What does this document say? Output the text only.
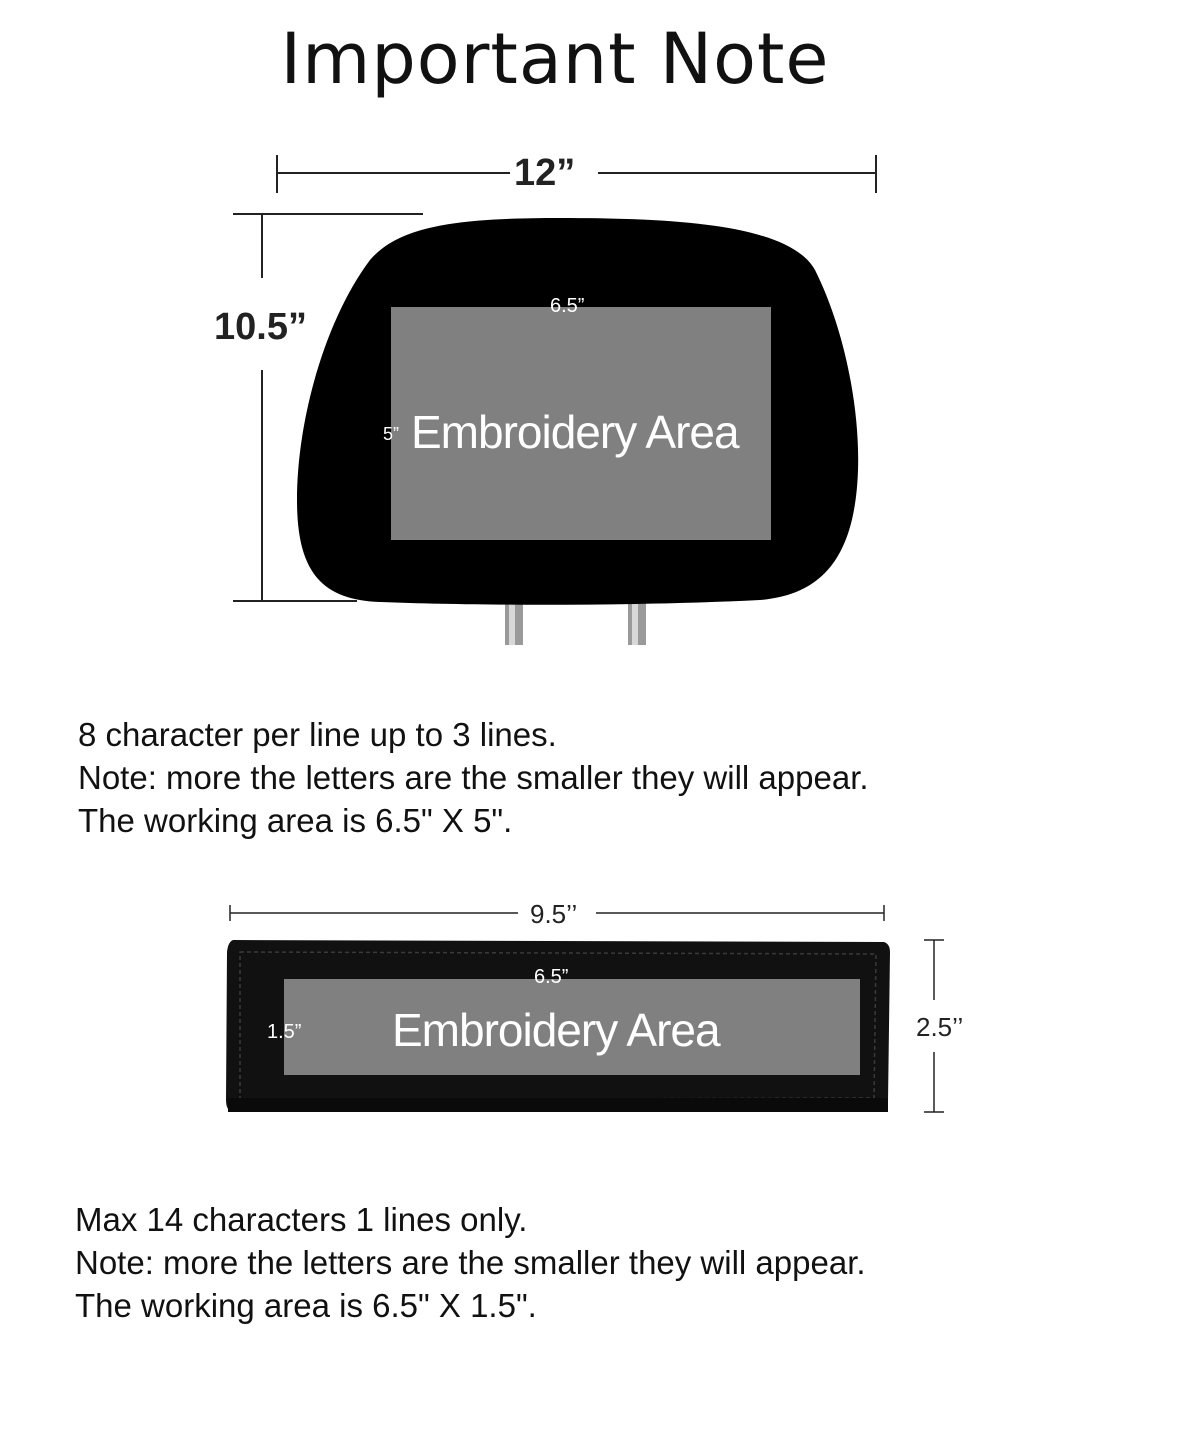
Important Note
12”
10.5”	6.5”
5” Embroidery Area
8 character per line up to 3 lines.
Note: more the letters are the smaller they will appear.
The working area is 6.5" X 5".
9.5’’
2.5’’
6.5”
1.5” Embroidery Area
Max 14 characters 1 lines only.
Note: more the letters are the smaller they will appear.
The working area is 6.5" X 1.5".
